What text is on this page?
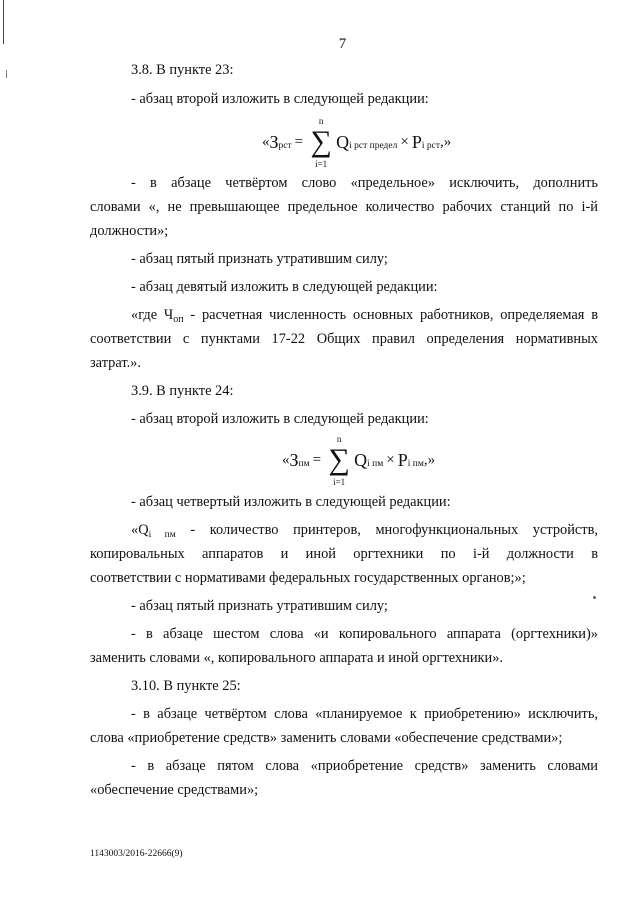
7
3.8. В пункте 23:
- абзац второй изложить в следующей редакции:
« З рст =
n
∑
i=1
Q i рст предел × P i рст ,»
- в абзаце четвёртом слово «предельное» исключить, дополнить
словами «, не превышающее предельное количество рабочих станций по i-й
должности»;
- абзац пятый признать утратившим силу;
- абзац девятый изложить в следующей редакции:
«где $Ч_{оп}$ - расчетная численность основных работников, определяемая в
соответствии с пунктами 17-22 Общих правил определения нормативных
затрат.».
3.9. В пункте 24:
- абзац второй изложить в следующей редакции:
« З пм =
n
∑
i=1
Q i пм × P i пм ,»
- абзац четвертый изложить в следующей редакции:
«$Q_{i пм}$ - количество принтеров, многофункциональных устройств,
копировальных аппаратов и иной оргтехники по i-й должности в
соответствии с нормативами федеральных государственных органов;»;
- абзац пятый признать утратившим силу;
- в абзаце шестом слова «и копировального аппарата (оргтехники)»
заменить словами «, копировального аппарата и иной оргтехники».
3.10. В пункте 25:
- в абзаце четвёртом слова «планируемое к приобретению» исключить,
слова «приобретение средств» заменить словами «обеспечение средствами»;
- в абзаце пятом слова «приобретение средств» заменить словами
«обеспечение средствами»;
1143003/2016-22666(9)
